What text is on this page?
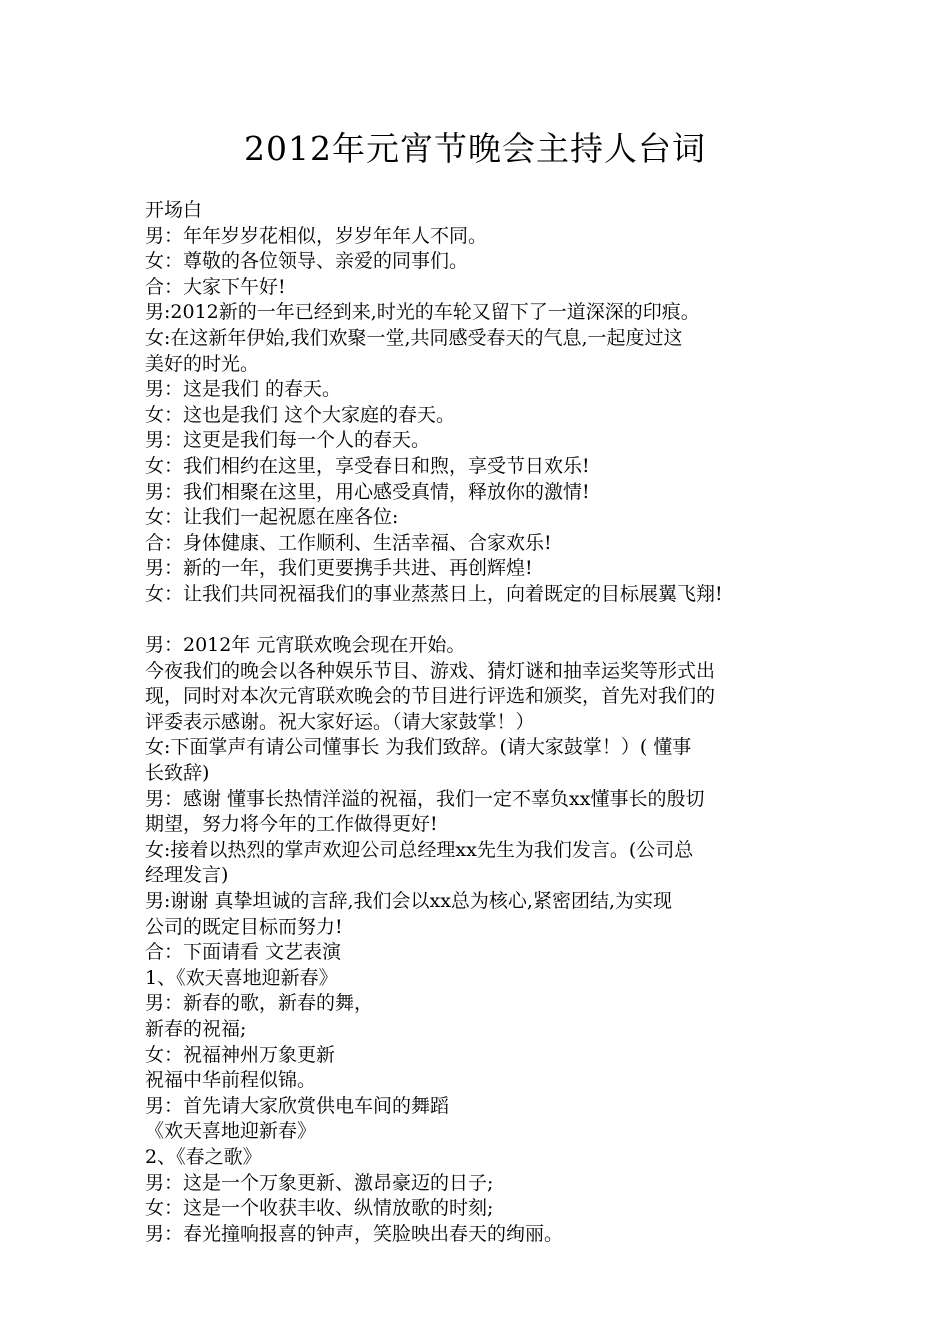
2012年元宵节晚会主持人台词
开场白
男：年年岁岁花相似，岁岁年年人不同。
女：尊敬的各位领导、亲爱的同事们。
合：大家下午好!
男:2012新的一年已经到来,时光的车轮又留下了一道深深的印痕。
女:在这新年伊始,我们欢聚一堂,共同感受春天的气息,一起度过这
美好的时光。
男：这是我们 的春天。
女：这也是我们 这个大家庭的春天。
男：这更是我们每一个人的春天。
女：我们相约在这里，享受春日和煦，享受节日欢乐!
男：我们相聚在这里，用心感受真情，释放你的激情!
女：让我们一起祝愿在座各位:
合：身体健康、工作顺利、生活幸福、合家欢乐!
男：新的一年，我们更要携手共进、再创辉煌!
女：让我们共同祝福我们的事业蒸蒸日上，向着既定的目标展翼飞翔!
男：2012年 元宵联欢晚会现在开始。
今夜我们的晚会以各种娱乐节目、游戏、猜灯谜和抽幸运奖等形式出
现，同时对本次元宵联欢晚会的节目进行评选和颁奖，首先对我们的
评委表示感谢。祝大家好运。（请大家鼓掌！）
女:下面掌声有请公司懂事长 为我们致辞。(请大家鼓掌！）( 懂事
长致辞)
男：感谢 懂事长热情洋溢的祝福，我们一定不辜负xx懂事长的殷切
期望，努力将今年的工作做得更好!
女:接着以热烈的掌声欢迎公司总经理xx先生为我们发言。(公司总
经理发言)
男:谢谢 真挚坦诚的言辞,我们会以xx总为核心,紧密团结,为实现
公司的既定目标而努力!
合：下面请看 文艺表演
1、《欢天喜地迎新春》
男：新春的歌，新春的舞，
新春的祝福;
女：祝福神州万象更新
祝福中华前程似锦。
男：首先请大家欣赏供电车间的舞蹈
《欢天喜地迎新春》
2、《春之歌》
男：这是一个万象更新、激昂豪迈的日子;
女：这是一个收获丰收、纵情放歌的时刻;
男：春光撞响报喜的钟声，笑脸映出春天的绚丽。
